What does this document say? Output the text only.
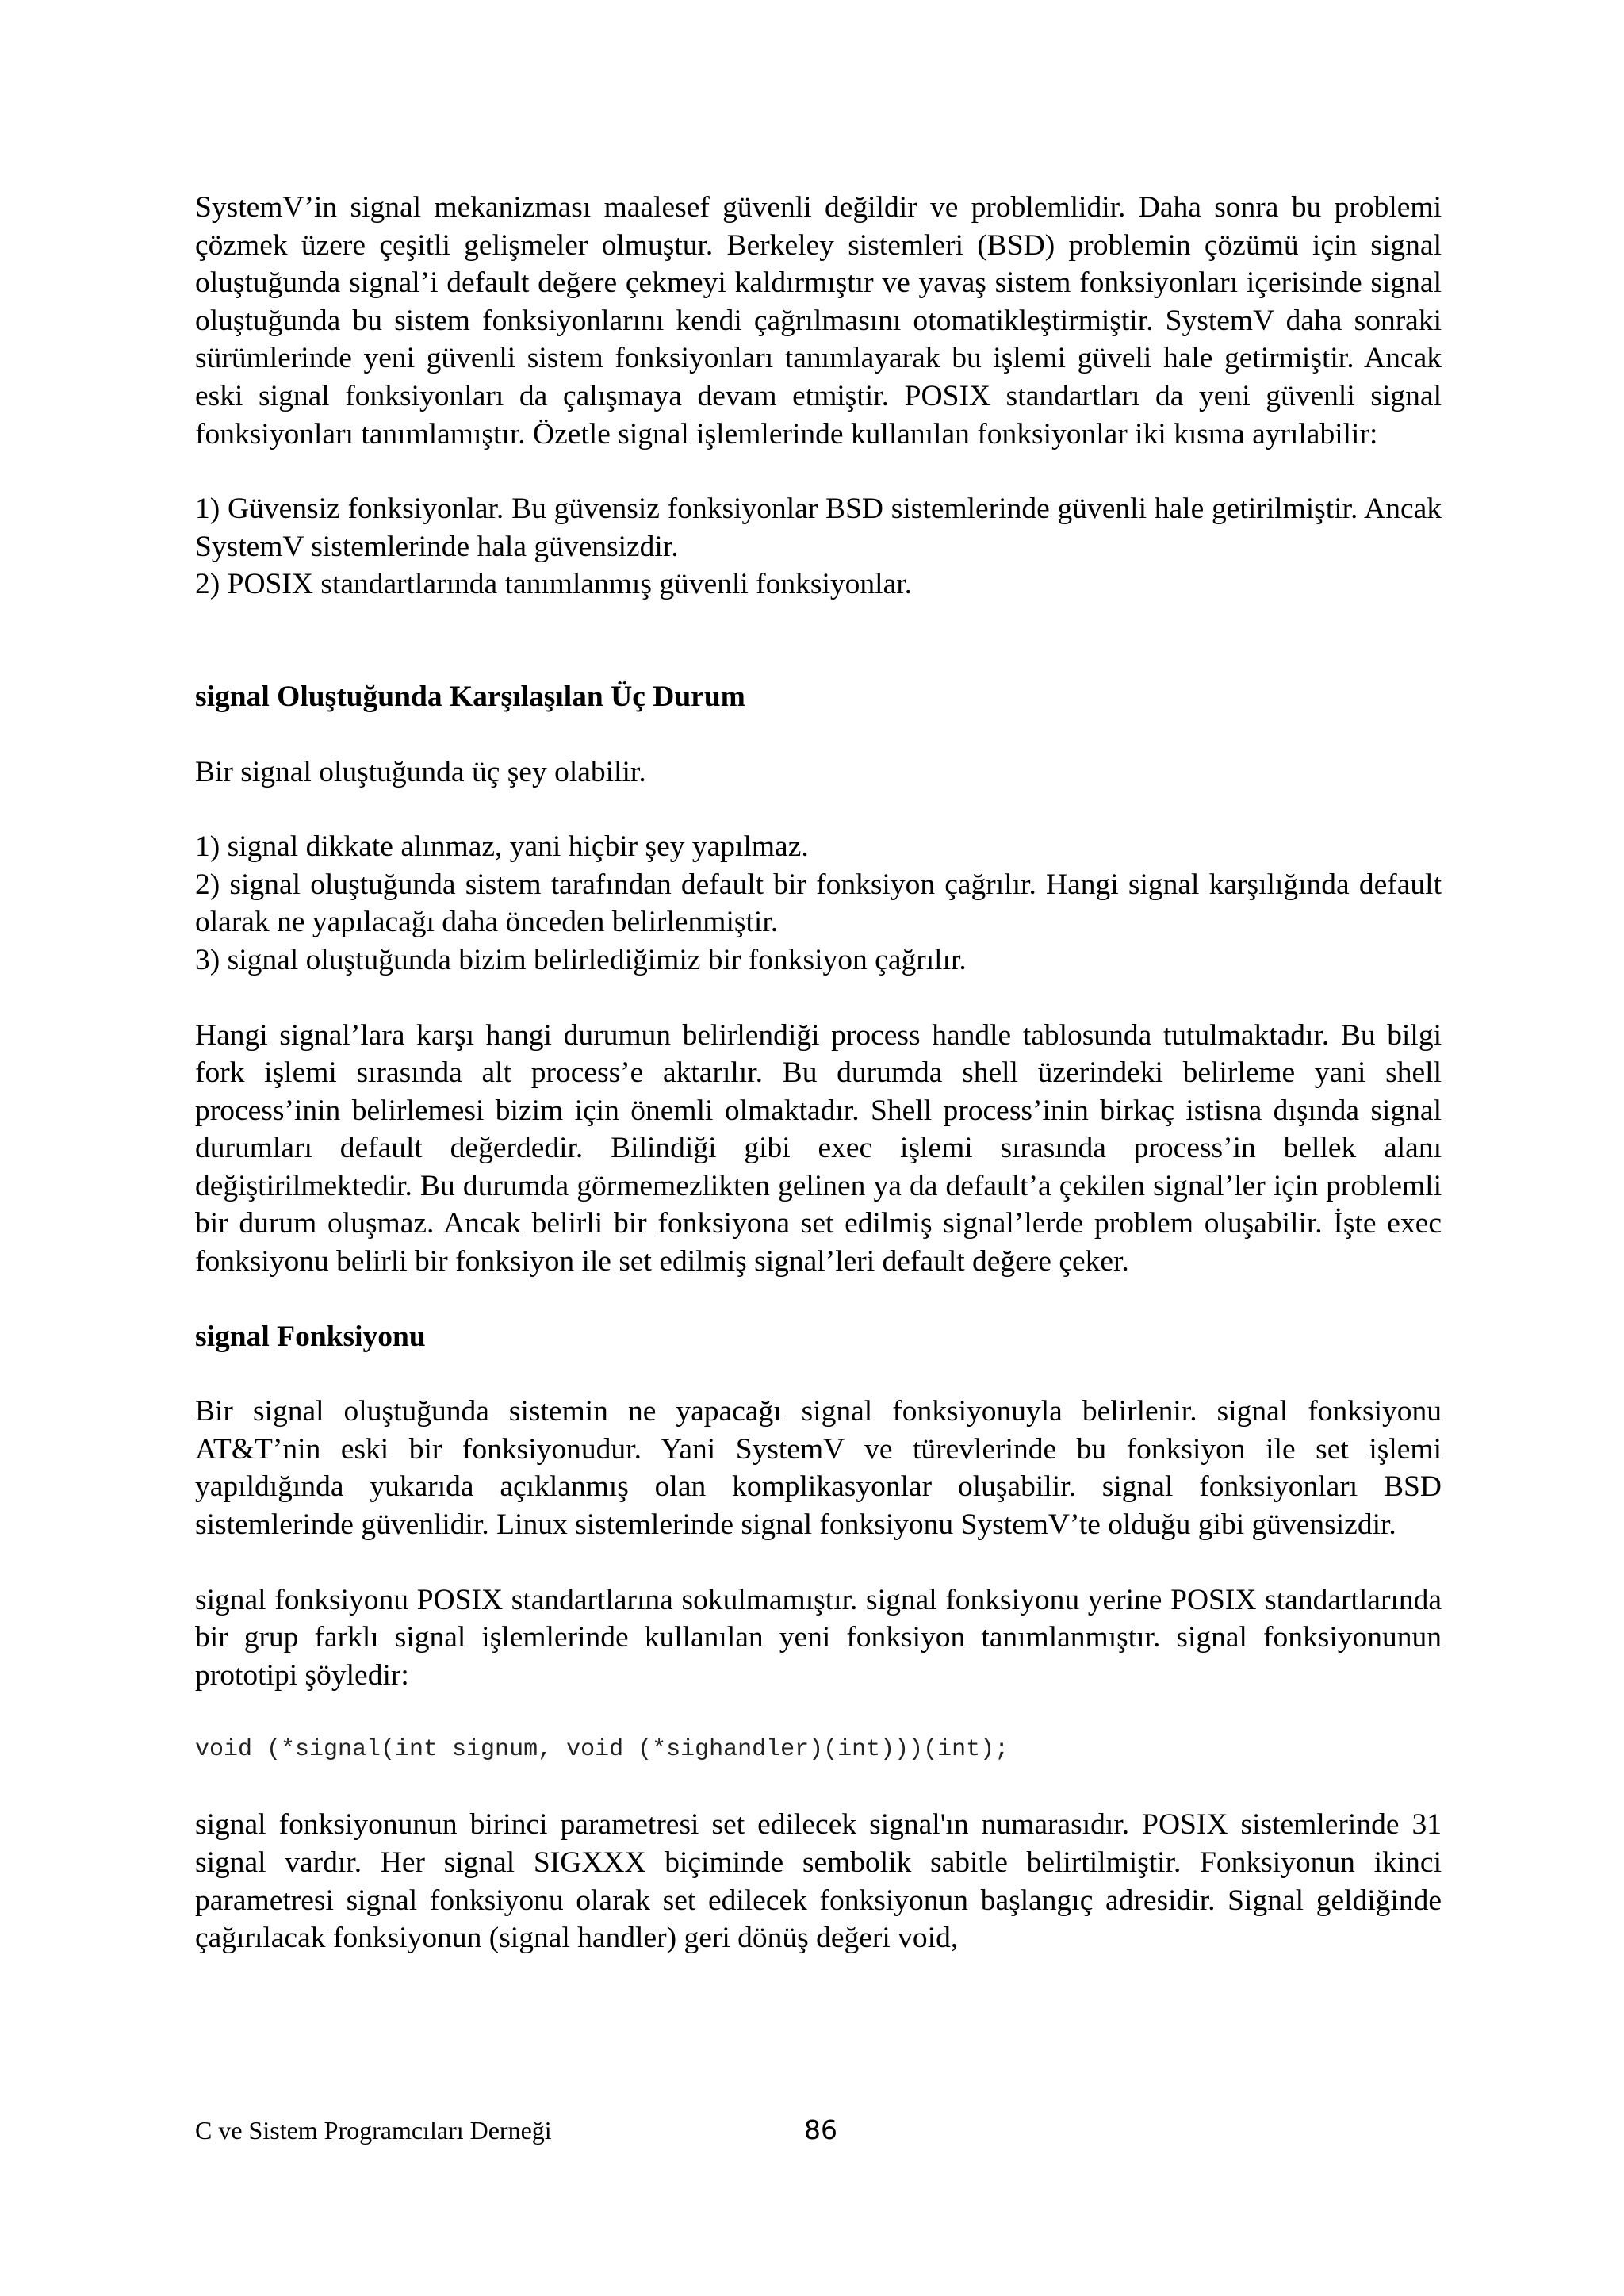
SystemV’in signal mekanizması maalesef güvenli değildir ve problemlidir. Daha sonra bu problemi çözmek üzere çeşitli gelişmeler olmuştur. Berkeley sistemleri (BSD) problemin çözümü için signal oluştuğunda signal’i default değere çekmeyi kaldırmıştır ve yavaş sistem fonksiyonları içerisinde signal oluştuğunda bu sistem fonksiyonlarını kendi çağrılmasını otomatikleştirmiştir. SystemV daha sonraki sürümlerinde yeni güvenli sistem fonksiyonları tanımlayarak bu işlemi güveli hale getirmiştir. Ancak eski signal fonksiyonları da çalışmaya devam etmiştir. POSIX standartları da yeni güvenli signal fonksiyonları tanımlamıştır. Özetle signal işlemlerinde kullanılan fonksiyonlar iki kısma ayrılabilir:

1) Güvensiz fonksiyonlar. Bu güvensiz fonksiyonlar BSD sistemlerinde güvenli hale getirilmiştir. Ancak SystemV sistemlerinde hala güvensizdir.

2) POSIX standartlarında tanımlanmış güvenli fonksiyonlar.

signal Oluştuğunda Karşılaşılan Üç Durum

Bir signal oluştuğunda üç şey olabilir.

1) signal dikkate alınmaz, yani hiçbir şey yapılmaz.

2) signal oluştuğunda sistem tarafından default bir fonksiyon çağrılır. Hangi signal karşılığında default olarak ne yapılacağı daha önceden belirlenmiştir.

3) signal oluştuğunda bizim belirlediğimiz bir fonksiyon çağrılır.

Hangi signal’lara karşı hangi durumun belirlendiği process handle tablosunda tutulmaktadır. Bu bilgi fork işlemi sırasında alt process’e aktarılır. Bu durumda shell üzerindeki belirleme yani shell process’inin belirlemesi bizim için önemli olmaktadır. Shell process’inin birkaç istisna dışında signal durumları default değerdedir. Bilindiği gibi exec işlemi sırasında process’in bellek alanı değiştirilmektedir. Bu durumda görmemezlikten gelinen ya da default’a çekilen signal’ler için problemli bir durum oluşmaz. Ancak belirli bir fonksiyona set edilmiş signal’lerde problem oluşabilir. İşte exec fonksiyonu belirli bir fonksiyon ile set edilmiş signal’leri default değere çeker.

signal Fonksiyonu

Bir signal oluştuğunda sistemin ne yapacağı signal fonksiyonuyla belirlenir. signal fonksiyonu AT&T’nin eski bir fonksiyonudur. Yani SystemV ve türevlerinde bu fonksiyon ile set işlemi yapıldığında yukarıda açıklanmış olan komplikasyonlar oluşabilir. signal fonksiyonları BSD sistemlerinde güvenlidir. Linux sistemlerinde signal fonksiyonu SystemV’te olduğu gibi güvensizdir.

signal fonksiyonu POSIX standartlarına sokulmamıştır. signal fonksiyonu yerine POSIX standartlarında bir grup farklı signal işlemlerinde kullanılan yeni fonksiyon tanımlanmıştır. signal fonksiyonunun prototipi şöyledir:

void (*signal(int signum, void (*sighandler)(int)))(int);

signal fonksiyonunun birinci parametresi set edilecek signal'ın numarasıdır. POSIX sistemlerinde 31 signal vardır. Her signal SIGXXX biçiminde sembolik sabitle belirtilmiştir. Fonksiyonun ikinci parametresi signal fonksiyonu olarak set edilecek fonksiyonun başlangıç adresidir. Signal geldiğinde çağırılacak fonksiyonun (signal handler) geri dönüş değeri void,

C ve Sistem Programcıları Derneği	86
